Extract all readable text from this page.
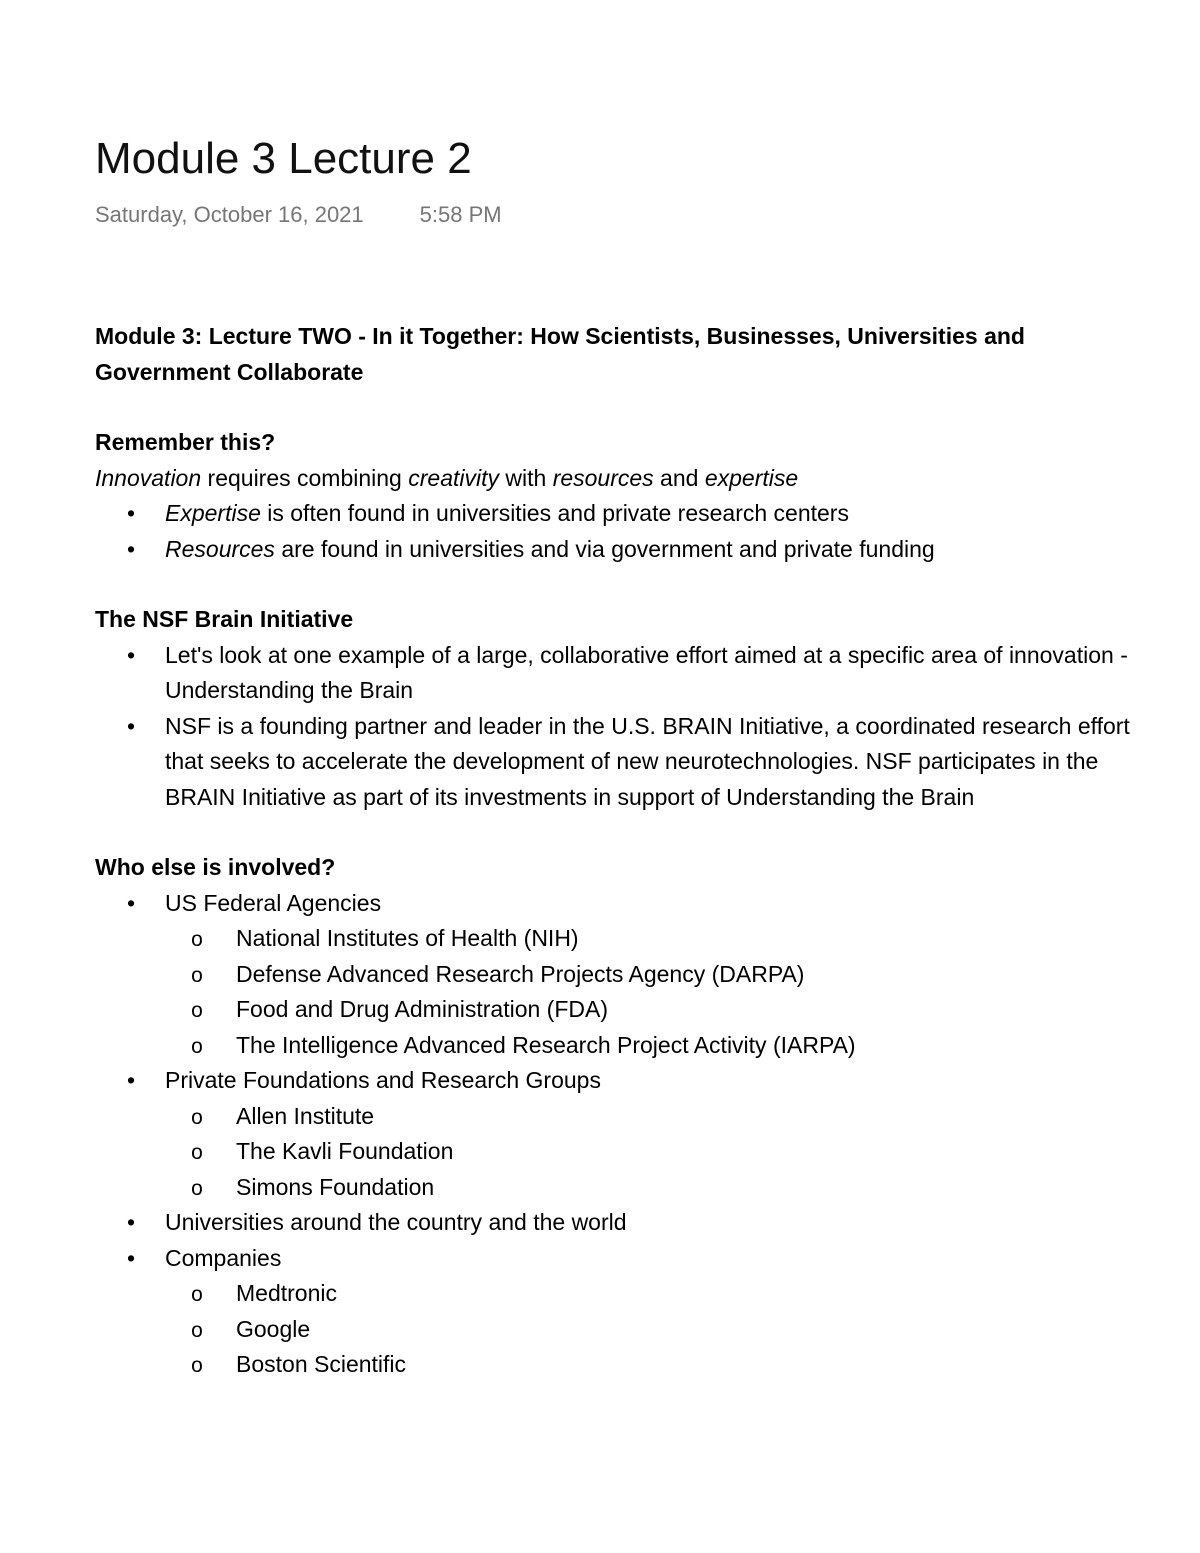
Module 3 Lecture 2
Saturday, October 16, 2021	5:58 PM
Module 3: Lecture TWO - In it Together: How Scientists, Businesses, Universities and Government Collaborate
Remember this?
Innovation requires combining creativity with resources and expertise
• Expertise is often found in universities and private research centers
• Resources are found in universities and via government and private funding
The NSF Brain Initiative
• Let's look at one example of a large, collaborative effort aimed at a specific area of innovation - Understanding the Brain
• NSF is a founding partner and leader in the U.S. BRAIN Initiative, a coordinated research effort that seeks to accelerate the development of new neurotechnologies. NSF participates in the BRAIN Initiative as part of its investments in support of Understanding the Brain
Who else is involved?
• US Federal Agencies
o National Institutes of Health (NIH)
o Defense Advanced Research Projects Agency (DARPA)
o Food and Drug Administration (FDA)
o The Intelligence Advanced Research Project Activity (IARPA)
• Private Foundations and Research Groups
o Allen Institute
o The Kavli Foundation
o Simons Foundation
• Universities around the country and the world
• Companies
o Medtronic
o Google
o Boston Scientific
